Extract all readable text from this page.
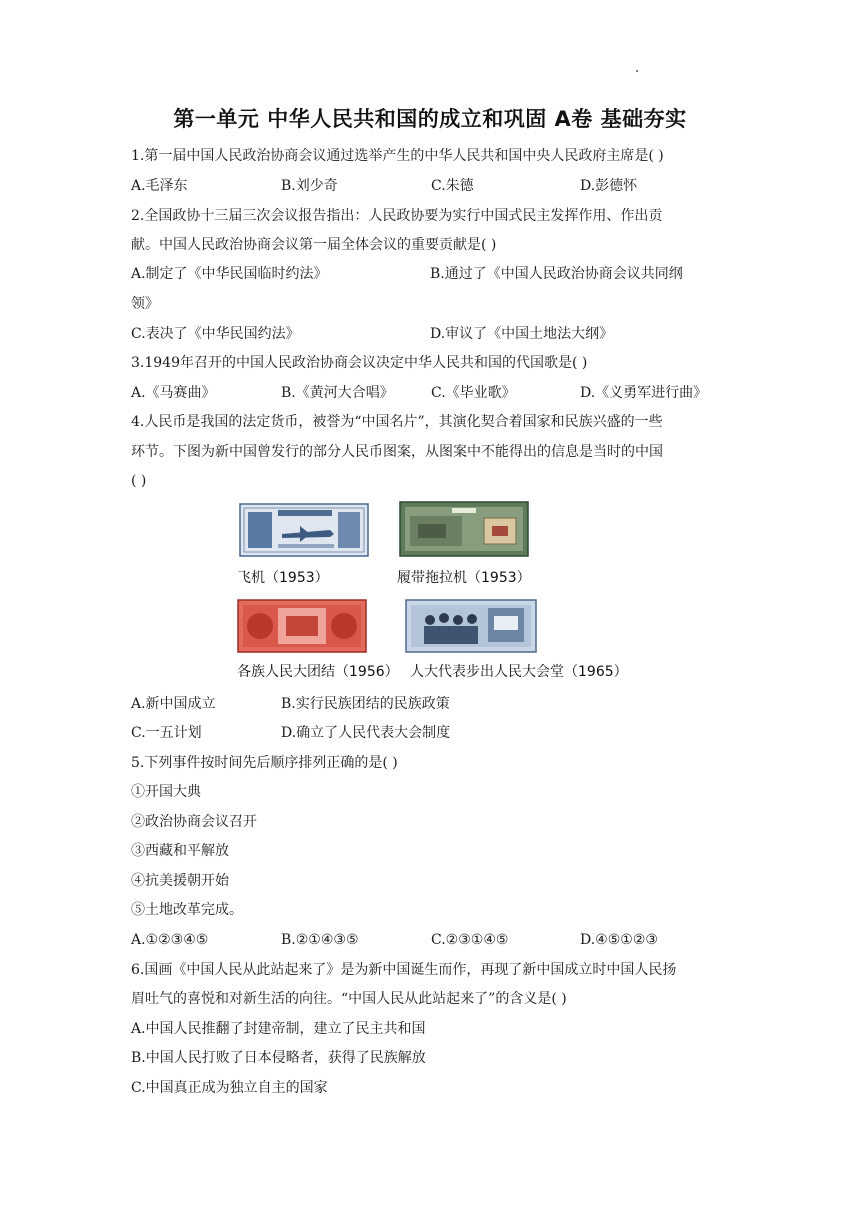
第一单元 中华人民共和国的成立和巩固 A卷 基础夯实
1.第一届中国人民政治协商会议通过选举产生的中华人民共和国中央人民政府主席是( )
A.毛泽东	B.刘少奇	C.朱德	D.彭德怀
2.全国政协十三届三次会议报告指出：人民政协要为实行中国式民主发挥作用、作出贡
献。中国人民政治协商会议第一届全体会议的重要贡献是( )
A.制定了《中华民国临时约法》	B.通过了《中国人民政治协商会议共同纲
领》
C.表决了《中华民国约法》	D.审议了《中国土地法大纲》
3.1949年召开的中国人民政治协商会议决定中华人民共和国的代国歌是( )
A.《马赛曲》	B.《黄河大合唱》	C.《毕业歌》	D.《义勇军进行曲》
4.人民币是我国的法定货币，被誉为“中国名片”，其演化契合着国家和民族兴盛的一些
环节。下图为新中国曾发行的部分人民币图案，从图案中不能得出的信息是当时的中国
( )
飞机（1953）	履带拖拉机（1953）
各族人民大团结（1956） 人大代表步出人民大会堂（1965）
A.新中国成立	B.实行民族团结的民族政策
C.一五计划	D.确立了人民代表大会制度
5.下列事件按时间先后顺序排列正确的是( )
①开国大典
②政治协商会议召开
③西藏和平解放
④抗美援朝开始
⑤土地改革完成。
A.①②③④⑤	B.②①④③⑤	C.②③①④⑤	D.④⑤①②③
6.国画《中国人民从此站起来了》是为新中国诞生而作，再现了新中国成立时中国人民扬
眉吐气的喜悦和对新生活的向往。“中国人民从此站起来了”的含义是( )
A.中国人民推翻了封建帝制，建立了民主共和国
B.中国人民打败了日本侵略者，获得了民族解放
C.中国真正成为独立自主的国家
